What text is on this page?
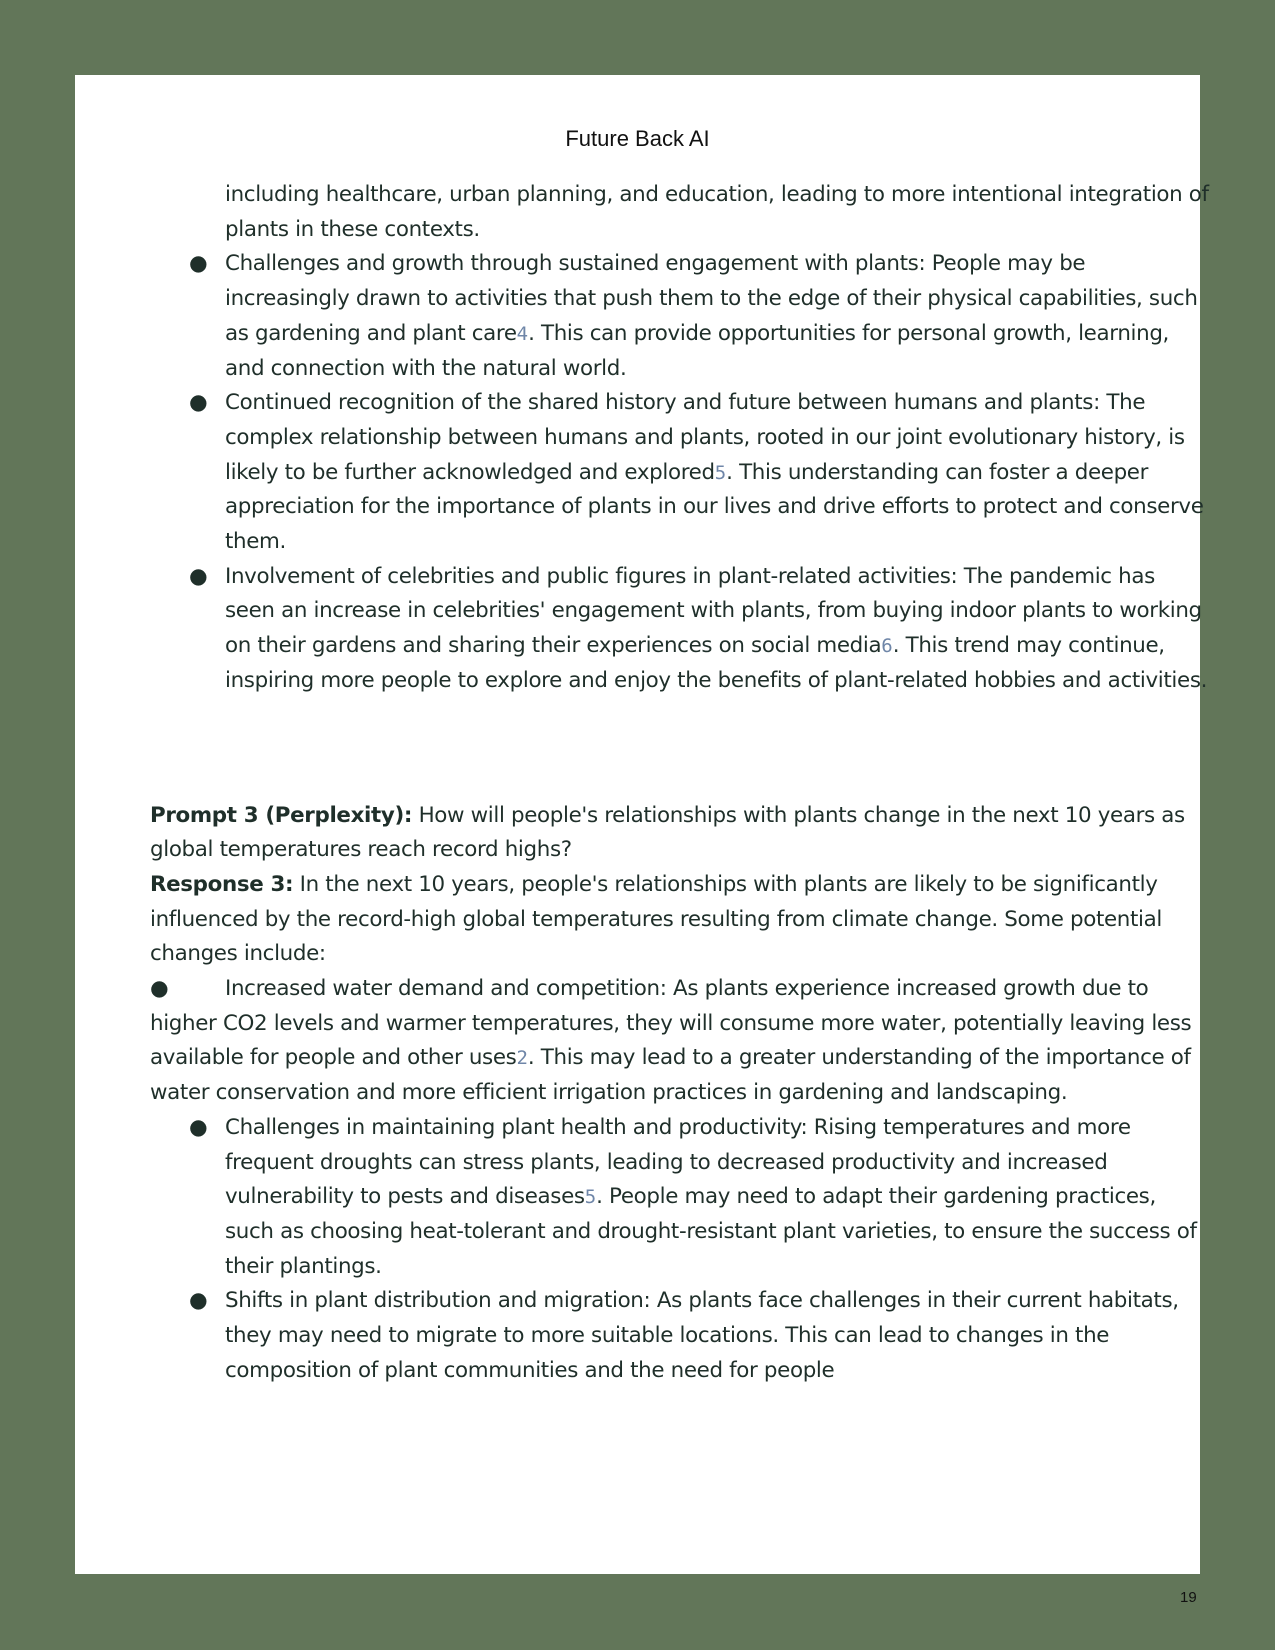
Future Back AI
including healthcare, urban planning, and education, leading to more intentional integration of plants in these contexts.
● Challenges and growth through sustained engagement with plants: People may be increasingly drawn to activities that push them to the edge of their physical capabilities, such as gardening and plant care4. This can provide opportunities for personal growth, learning, and connection with the natural world.
● Continued recognition of the shared history and future between humans and plants: The complex relationship between humans and plants, rooted in our joint evolutionary history, is likely to be further acknowledged and explored5. This understanding can foster a deeper appreciation for the importance of plants in our lives and drive efforts to protect and conserve them.
● Involvement of celebrities and public figures in plant-related activities: The pandemic has seen an increase in celebrities' engagement with plants, from buying indoor plants to working on their gardens and sharing their experiences on social media6. This trend may continue, inspiring more people to explore and enjoy the benefits of plant-related hobbies and activities.

Prompt 3 (Perplexity): How will people's relationships with plants change in the next 10 years as global temperatures reach record highs?

Response 3: In the next 10 years, people's relationships with plants are likely to be significantly influenced by the record-high global temperatures resulting from climate change. Some potential changes include:

●	Increased water demand and competition: As plants experience increased growth due to higher CO2 levels and warmer temperatures, they will consume more water, potentially leaving less available for people and other uses2. This may lead to a greater understanding of the importance of water conservation and more efficient irrigation practices in gardening and landscaping.

● Challenges in maintaining plant health and productivity: Rising temperatures and more frequent droughts can stress plants, leading to decreased productivity and increased vulnerability to pests and diseases5. People may need to adapt their gardening practices, such as choosing heat-tolerant and drought-resistant plant varieties, to ensure the success of their plantings.
● Shifts in plant distribution and migration: As plants face challenges in their current habitats, they may need to migrate to more suitable locations. This can lead to changes in the composition of plant communities and the need for people
19
